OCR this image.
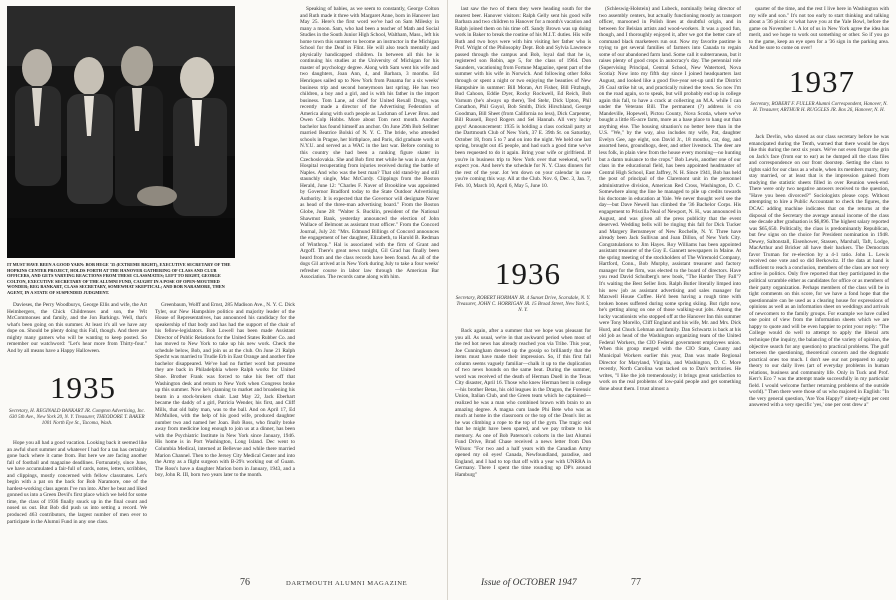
IT MUST HAVE BEEN A GOOD YARN: BOB HEGE '35 (EXTREME RIGHT), EXECUTIVE SECRETARY OF THE HOPKINS CENTER PROJECT, HOLDS FORTH AT THE HANOVER GATHERING OF CLASS AND CLUB OFFICERS, AND GETS VARYING REACTIONS FROM THESE CLASSMATES; LEFT TO RIGHT, GEORGE COLTON, EXECUTIVE SECRETARY OF THE ALUMNI FUND, CAUGHT IN A POSE OF OPEN-MOUTHED WONDER; REG BANKART, CLASS SECRETARY, SOMEWHAT SKEPTICAL; AND BOB NARAMORE, THEN AGENT, IN A STATE OF SUSPENDED JUDGMENT.

Davieses, the Perry Woodburys, George Ellis and wife, the Art Heimbergers, the Chick Childrenses and son, the Wit McCommonses and family, and the Jon Barkings. Well, that's what's been going on this summer. At least it's all we have any dope on. Should be plenty doing this Fall, though. And there are mighty many gamers who will be wanting to keep posted. So remember our watchword: "Let's hear more from Thirty-four." And by all means have a Happy Halloween.

1935
Secretary, H. REGINALD BANKART JR. Compton Advertising, Inc. 630 5th Ave., New York 20, N. Y. Treasurer, THEODORE T. BAKER 1001 North Eye St., Tacoma, Wash.

Hope you all had a good vacation. Looking back it seemed like an awful short summer and whatever I had for a tan has certainly gone back where it came from. But here we are facing another fall of football and magazine deadlines. Fortunately, since June, we have accumulated a fair-full of cards, notes, letters, scribbles, and clippings, mostly concerned with fellow classmates. Let's begin with a pat on the back for Bob Naramore, one of the hardest-working class agents I've run into. After he beat and liked gonned us into a Green Devil's first place which we held for some time, the class of 1936 finally snuck up in the final count and nosed us out. But Bob did push us into setting a record. We produced 463 contributors, the largest number of men ever to participate in the Alumni Fund in any one class.

Greenbaum, Wolff and Ernst, 285 Madison Ave., N. Y. C. Dick Tyler, our New Hampshire politico and majority leader of the House of Representatives, has announced his candidacy for the speakership of that body and has had the support of the chair of his fellow-legislators. Bob Lowell has been made Assistant Director of Public Relations for the United States Rubber Co. and has moved to New York to take up his new work. Check the schedule below, Bob, and join us at the club. On June 21 Ralph Specht was married to Trudie Erb in East Orange and another fine bachelor disappeared. We've had no further word but presume they are back in Philadelphia where Ralph works for United Shoe. Brother Frank was forced to take his feet off that Washington desk and return to New York when Congress broke up this summer. Now he's planning to market and broadening his beam in a stock-brokers chair. Last May 22, Jack Eberhart became the daddy of a girl, Patricia Wender, his first, and Cliff Mills, that old baby man, was to the ball. And on April 17, Ed McMullen, with the help of his good wife, produced daughter number two and named her Joan. Bob Ross, who finally broke away from medicine long enough to join us at a dinner, has been with the Psychiatric Institute in New York since January, 1946. His home is in Port Washington, Long Island. Dec went to Columbia Medical, interned at Bellevue and while there married Marion Channel. Then to the Jersey City Medical Center and into the Army as a flight surgeon with B-29's working out of Guam. The Ross's have a daughter Marion born in January, 1943, and a boy, John R. III, born two years later to the month.

Speaking of babies, as we seem to constantly, George Colton and Ruth made it three with Margaret Anne, born in Hanover last May 25. Here's the first word we've had on Sam Milesky in many a moon. Sam, who had been a teacher of Math and Social Studies in the South Junior High School, Waltham, Mass., left his home town this summer to become an instructor in the Michigan School for the Deaf in Flint. He will also teach mentally and physically handicapped children. In between all this he is continuing his studies at the University of Michigan for his master of psychology degree. Along with Sam went his wife and two daughters, Joan Ann, 4, and Barbara, 3 months. Ed Henriques sailed up to New York from Panama for a six weeks' business trip and second honeymoon last spring. He has two children, a boy and a girl, and is with his father in the import business. Tom Lane, ad chief for United Rexall Drugs, was recently made a director of the Advertising Federation of America along with such people as Lackman of Lever Bros. and Owen Colp Hobbs. More about Tom next month. Another bachelor has found himself an anchor. On June 29th Bob Sellmer married Beatrice Bolski of N. Y. C. The bride, who attended schools in Prague, her birthplace, and Paris, did graduate work at N.Y.U. and served as a WAC in the last war. Before coming to this country she had been a ranking figure skater in Czechoslovakia. She and Bob first met while he was in an Army Hospital recuperating from injuries received during the battle of Naples. And who was the best man? That old stand-by and still staunchly single, Mac McCurdy. Clippings from the Boston Herald, June 12: "Charles F. Naver of Brookline was appointed by Governor Bradford today to the State Outdoor Advertising Authority. It is expected that the Governor will designate Naver as head of the three-man advertising board." From the Boston Globe, June 28: "Walter S. Bucklin, president of the National Shawmut Bank, yesterday announced the election of John Wallace of Belmont as assistant trust officer." From the Concord Journal, July 24: "Mrs. Edmund Billings of Concord announces the engagement of her daughter, Elizabeth, to Harold B. Redman of Winthrop." Hal is associated with the firm of Grant and Argoff. There's great news tonight, Gil Grad has finally been heard from and the class records have been found. As all of the dogs Gil arrived at in New York during July to take a four weeks' refresher course in labor law through the American Bar Association. The records came along with him.

76	DARTMOUTH ALUMNI MAGAZINE

last saw the two of them they were heading south for the nearest beer. Hanover visitors: Ralph Gelly sent his good wife Barbara and two children to Hanover for a month's vacation and Ralph joined them on his time off. Sandy Brown was up doing work in Baker to break the routine of his M.I.T. duties. His wife Ruth and two boys were with him visiting her father who is Prof. Wright of the Philosophy Dept. Bob and Sylvia Lawrence passed through the campus and Bob, loyal dad that he is, registered son Robin, age 5, for the class of 1964. Don Saunders, vacationing from Fortune Magazine, spent part of the summer with his wife in Norwich. And following other folks through or spent a night or two enjoying the beauties of New Hampshire in summer: Bill Moran, Art Fisher, Bill Fitzhugh, Bud Cahoon, Eddie Dyer, Rocky Rockwell, Ed Reich, Bob Varnum (he's always up there), Ted Stehr, Dick Upton, Phil Conathon, Phil Guyol, Bob Smith, Dick Hirschland, George Goodman, Bill Sheet (from California no less), Dick Carpenter, Bill Russell, Boyd Rogers and Sel Hannah. All very lucky guys! Announcement: 1935 is holding a class cocktail party at the Dartmouth Club of New York, 37 E. 39th St. on Saturday, October 18, from 5 to 7 and on into the night. We held one last spring, brought out 45 people, and had such a good time we've been requested to do it again. Bring your wife or girlfriend. If you're in business trip to New York over that weekend, we'll expect you. And here's the schedule for N. Y. Class dinners for the rest of the year. Jot 'em down on your calendar in case you're coming this way. All at the Club. Nov. 6, Dec. 3, Jan. 7, Feb. 10, March 10, April 6, May 5, June 10.

1936
Secretary, ROBERT HORMAN JR. 4 Sunset Drive, Scarsdale, N. Y. Treasurer, JOHN C. HORRIGAN JR. 15 Broad Street, New York 5, N. Y.

Back again, after a summer that we hope was pleasant for you all. As usual, we're in that awkward period when most of the red hot news has already reached you via Tribe. This year, Joe Cunningham dressed up the gossip so brilliantly that the items must have made their impression. So, if this first fall column seems vaguely familiar—chalk it up to the duplication of two news hounds on the same beat. During the summer, word was received of the death of Herman Duell in the Texas City disaster, April 16. Those who knew Herman best in college—his brother Betas, his old leagues in the Dragon, the Forensic Union, Italian Club, and the Green team which he captained—realized he was a man who combined brawn with brain to an amazing degree. A magna cum laude Phi Bete who was as much at home in the classroom or the top of the Dean's list as he was climbing a rope to the top of the gym. The tragic end that he might have been spared, and we pay tribute to his memory. As one of Bob Paterson's cohorts in the last Alumni Fund Drive, Brad Chase received a news letter from Don Wilson: "For two and a half years with the Canadian Army opened my oil eyes! Canada, Newfoundland, paradise, and England, and I had to top that off with a year with UNRRA in Germany. There I spent the time rounding up DP's around Hamburg"

(Schleswig-Holstein) and Lubeck, nominally being director of two assembly centers, but actually functioning mostly as transport officer, marooned in Polish lines at doubtful origin, and in between for Belsian artists and wood-workers. It was a good fun, though, and I thoroughly enjoyed it, after we got the better care of command black marketeers run out. Now my favorite pastime is trying to get several families of farmers into Canada to regain some of our abandoned farm land. Some call it subterranean, but it raises plenty of good crops in autocracy's day. The perennial role (Supervising Principal, Central School, New Watertord, Nova Scotia): Now into my fifth day since I joined headquarters last August, and looked like a good five-year set-up until the District 26 Coal strike hit us, and practically ruined the town. So now I'm on the road again, so to speak, but will probably end up in college again this fall, to have a crack at collecting an M.A. while I can under the Veterans Bill. The permanent (?) address is c/o Mandeville, Hopewell, Pictou County, Nova Scotia, where we've bought a little 85-acre farm, more as a base place to hang out than anything else. The housing situation's no better here than in the U.S. "We," by the way, also includes my wife, Pat, daughter Evelyn Gee, age eight, son David Jr., 18 months, cat, dog, and assorted hens, groundhogs, deer, and other livestock. The deer are less folk, in plain view from the house every morning—no hunting but a damn nuisance to the crops." Bob Lewis, another one of our class in the educational field, has been appointed headmaster of Central High School, East Jaffrey, N. H. Since 1941, Bob has held the post of principal of the Claremont unit in the personnel administrative division, American Red Cross, Washington, D. C. Somewhere along the line he managed to pile up credits towards his doctorate in education at Yale. We never thought we'd see the day—but Dave Newell has climbed the '36 Bachelor Corps. His engagement to Priscilla Neal of Newport, N. H., was announced in August, and was given all the press publicity that the event deserved. Wedding bells will be ringing this fall for Dick Tucker and Margery Bernsmeyer of New Rochelle, N. Y. Three have already been Jack Sullivan and Joan Dillon, of New York City. Congratulations to Jim Hayes. Roy Williams has been appointed assistant treasurer of the Guy E. Gannett newspapers in Maine. At the spring meeting of the stockholders of The Wiremold Company, Hartford, Conn., Bob Murphy, assistant treasurer and factory manager for the firm, was elected to the board of directors. Have you read David Schulberg's new book, "The Harder They Fall"? It's waiting the Best Seller lists. Ralph Butler literally limped into his new job as assistant advertising and sales manager for Maxwell House Coffee. He'd been having a rough time with broken bones suffered during some spring skiing. But right now, he's getting along on one of those walking-out jobs. Among the lucky vacationists who stopped off at the Hanover Inn this summer were Tony Morello, Cliff England and his wife, Mr. and Mrs. Dick Hurd, and Chuck Lehman and family. Dan Schwartz is back at his old job as head of the Washington organizing team of the United Federal Workers, the CIO Federal government employees union. When this group merged with the CIO State, County and Municipal Workers earlier this year, Dan was made Regional Director for Maryland, Virginia, and Washington, D. C. More recently, North Carolina was tacked on to Dan's territories. He writes, "I like the job tremendously; it brings great satisfaction to work on the real problems of low-paid people and get something done about them. I trust almost a

quarter of the time, and the rest I live here in Washington with my wife and son." It's not too early to start thinking and talking about a '36 picnic or what have you at the Yale Bowl, before the game on November 1. A lot of us in New York agree the idea has merit, and we hope to work out something or other. So if you go to the game, keep an eye open for a '36 sign in the parking area. And be sure to come on over!

1937
Secretary, ROBERT F. FULLER Alumni Correspondent, Hanover, N. H. Treasurer, ARTHUR H. RUGGLES JR. Box 26, Hanover, N. H.

Jack Devlin, who slaved as our class secretary before he was emancipated during the Tenth, warned that there would be days like this during the next six years. We've not even forgot the grin on Jack's face (from ear to ear) as he dumped all the class files and correspondence on our front doorstep. Setting the class to rights said for our class as a whole, when its members marry, they stay married, or at least that is the impression gained from studying the statistic sheets filled in over Reunion week-end. There were only two negative answers received to the question, "Have you been divorced?" Sociologists please copy. Without attempting to hire a Public Accountant to check the figures, the DCAC adding machine indicates that on the returns at the disposal of the Secretary the average annual income of the class one decade after graduation is $6,896. The highest salary reported was $65,650. Politically, the class is predominantly Republican, but few signs on the choice for President nomination in 1948. Dewey, Saltonstall, Eisenhower, Stassen, Marshall, Taft, Lodge, MacArthur and Bricker all have their backers. The Democrats favor Truman for re-election by a 4-1 ratio. John L. Lewis received one vote and so did Berkowitz. If the data at hand is sufficient to reach a conclusion, members of the class are not very active in politics. Only five reported that they participated in the political scramble either as candidates for office or as members of their party organization. Perhaps members of the class will be in tight comments on this score, for we have a fond hope that the questionnaire can be used as a clearing house for expressions of opinions as well as an information sheet on weddings and arrivals of newcomers to the family groups. For example we have culled one point of view from the information sheets which we are happy to quote and will be even happier to print your reply: "The College would do well to attempt to apply the liberal arts technique (the inquiry, the balancing of the variety of opinion, the objective search for any question) to practical problems. The gulf between the questioning, theoretical concern and the dogmatic practical ones too much. I don't see our not prepared to apply theory to our daily lives (art of everyday problems in human relations, business and community life. Only in Tuck and Prof. Kerr's Eco 7 was the attempt made successfully in my particular field. I would welcome further returning problems of the outside world)." Then there were those of us who majored in English: "In the very general question, 'Are You Happy?' ninety-eight per cent answered with a very specific 'yes,' one per cent drew a"

Issue of OCTOBER 1947	77
